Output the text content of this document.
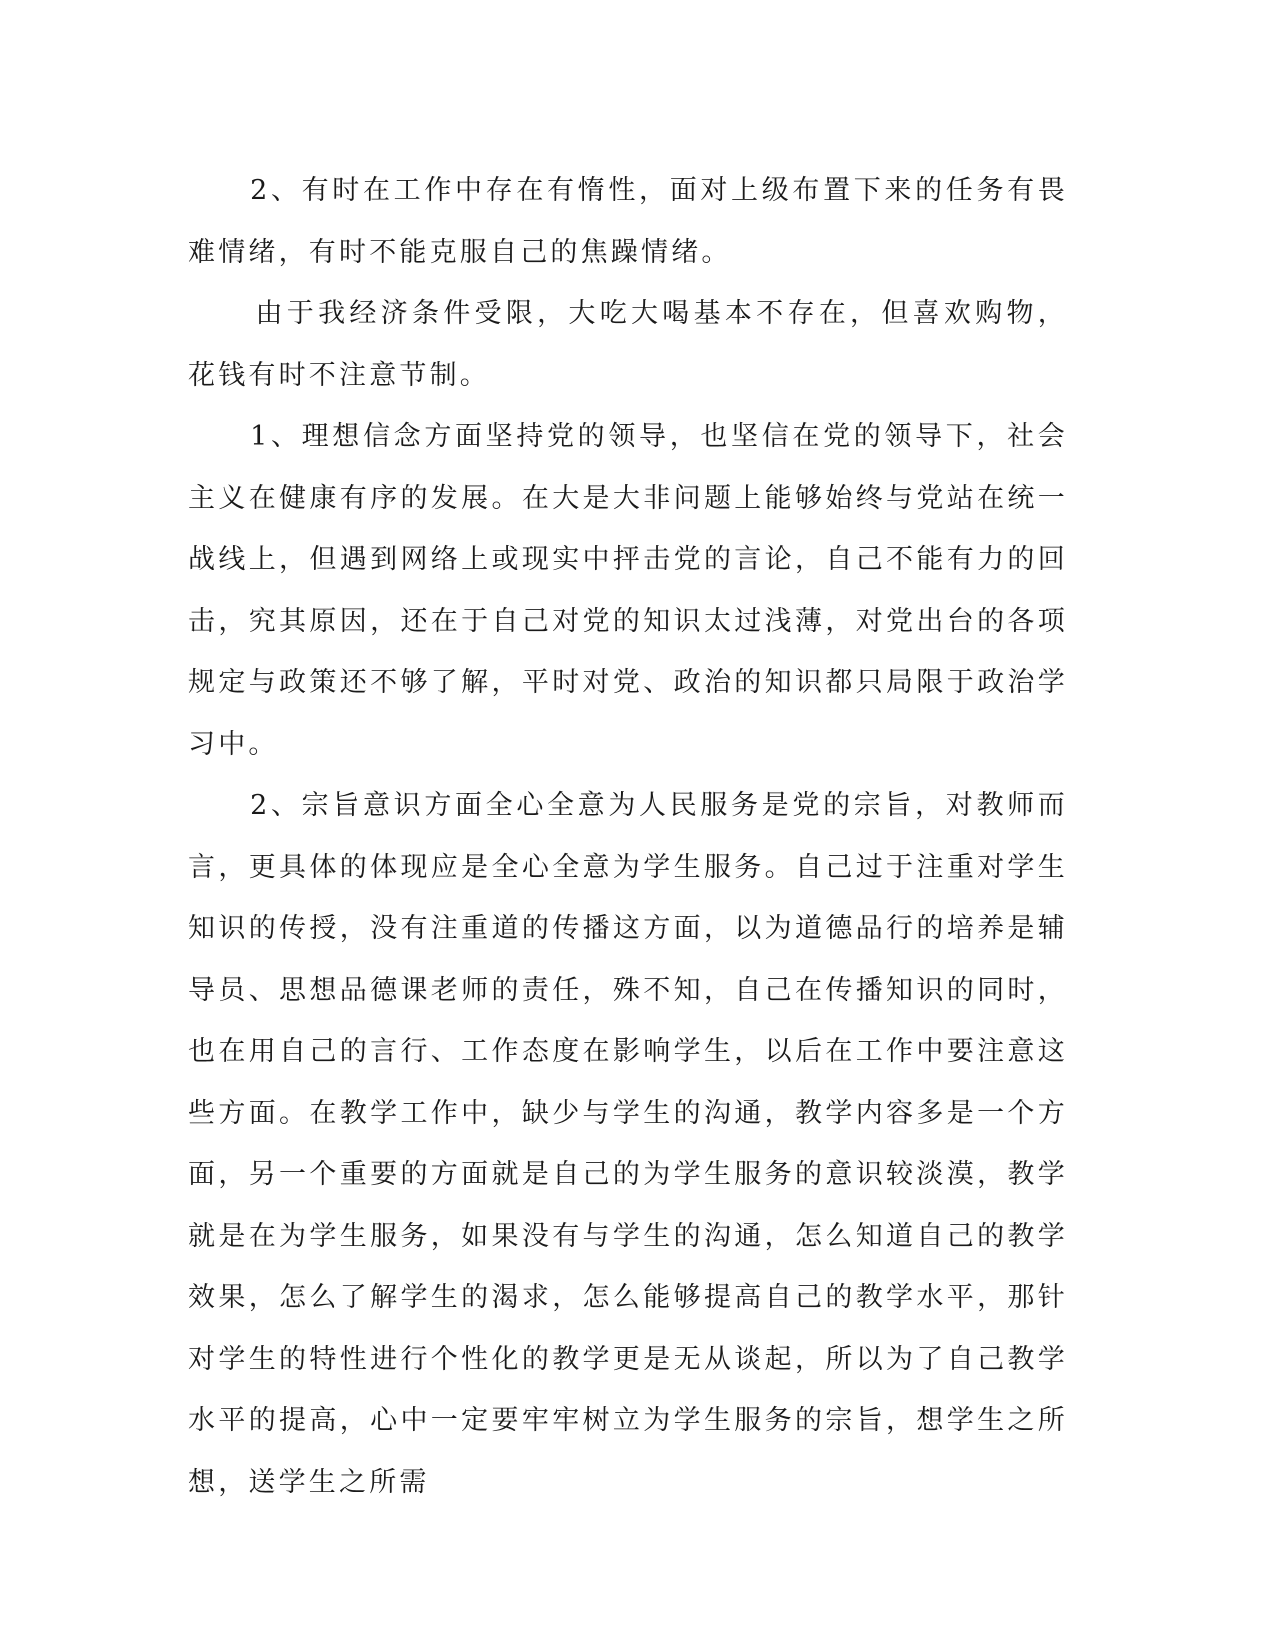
2、有时在工作中存在有惰性，面对上级布置下来的任务有畏难情绪，有时不能克服自己的焦躁情绪。

由于我经济条件受限，大吃大喝基本不存在，但喜欢购物，花钱有时不注意节制。

1、理想信念方面坚持党的领导，也坚信在党的领导下，社会主义在健康有序的发展。在大是大非问题上能够始终与党站在统一战线上，但遇到网络上或现实中抨击党的言论，自己不能有力的回击，究其原因，还在于自己对党的知识太过浅薄，对党出台的各项规定与政策还不够了解，平时对党、政治的知识都只局限于政治学习中。

2、宗旨意识方面全心全意为人民服务是党的宗旨，对教师而言，更具体的体现应是全心全意为学生服务。自己过于注重对学生知识的传授，没有注重道的传播这方面，以为道德品行的培养是辅导员、思想品德课老师的责任，殊不知，自己在传播知识的同时，也在用自己的言行、工作态度在影响学生，以后在工作中要注意这些方面。在教学工作中，缺少与学生的沟通，教学内容多是一个方面，另一个重要的方面就是自己的为学生服务的意识较淡漠，教学就是在为学生服务，如果没有与学生的沟通，怎么知道自己的教学效果，怎么了解学生的渴求，怎么能够提高自己的教学水平，那针对学生的特性进行个性化的教学更是无从谈起，所以为了自己教学水平的提高，心中一定要牢牢树立为学生服务的宗旨，想学生之所想，送学生之所需
